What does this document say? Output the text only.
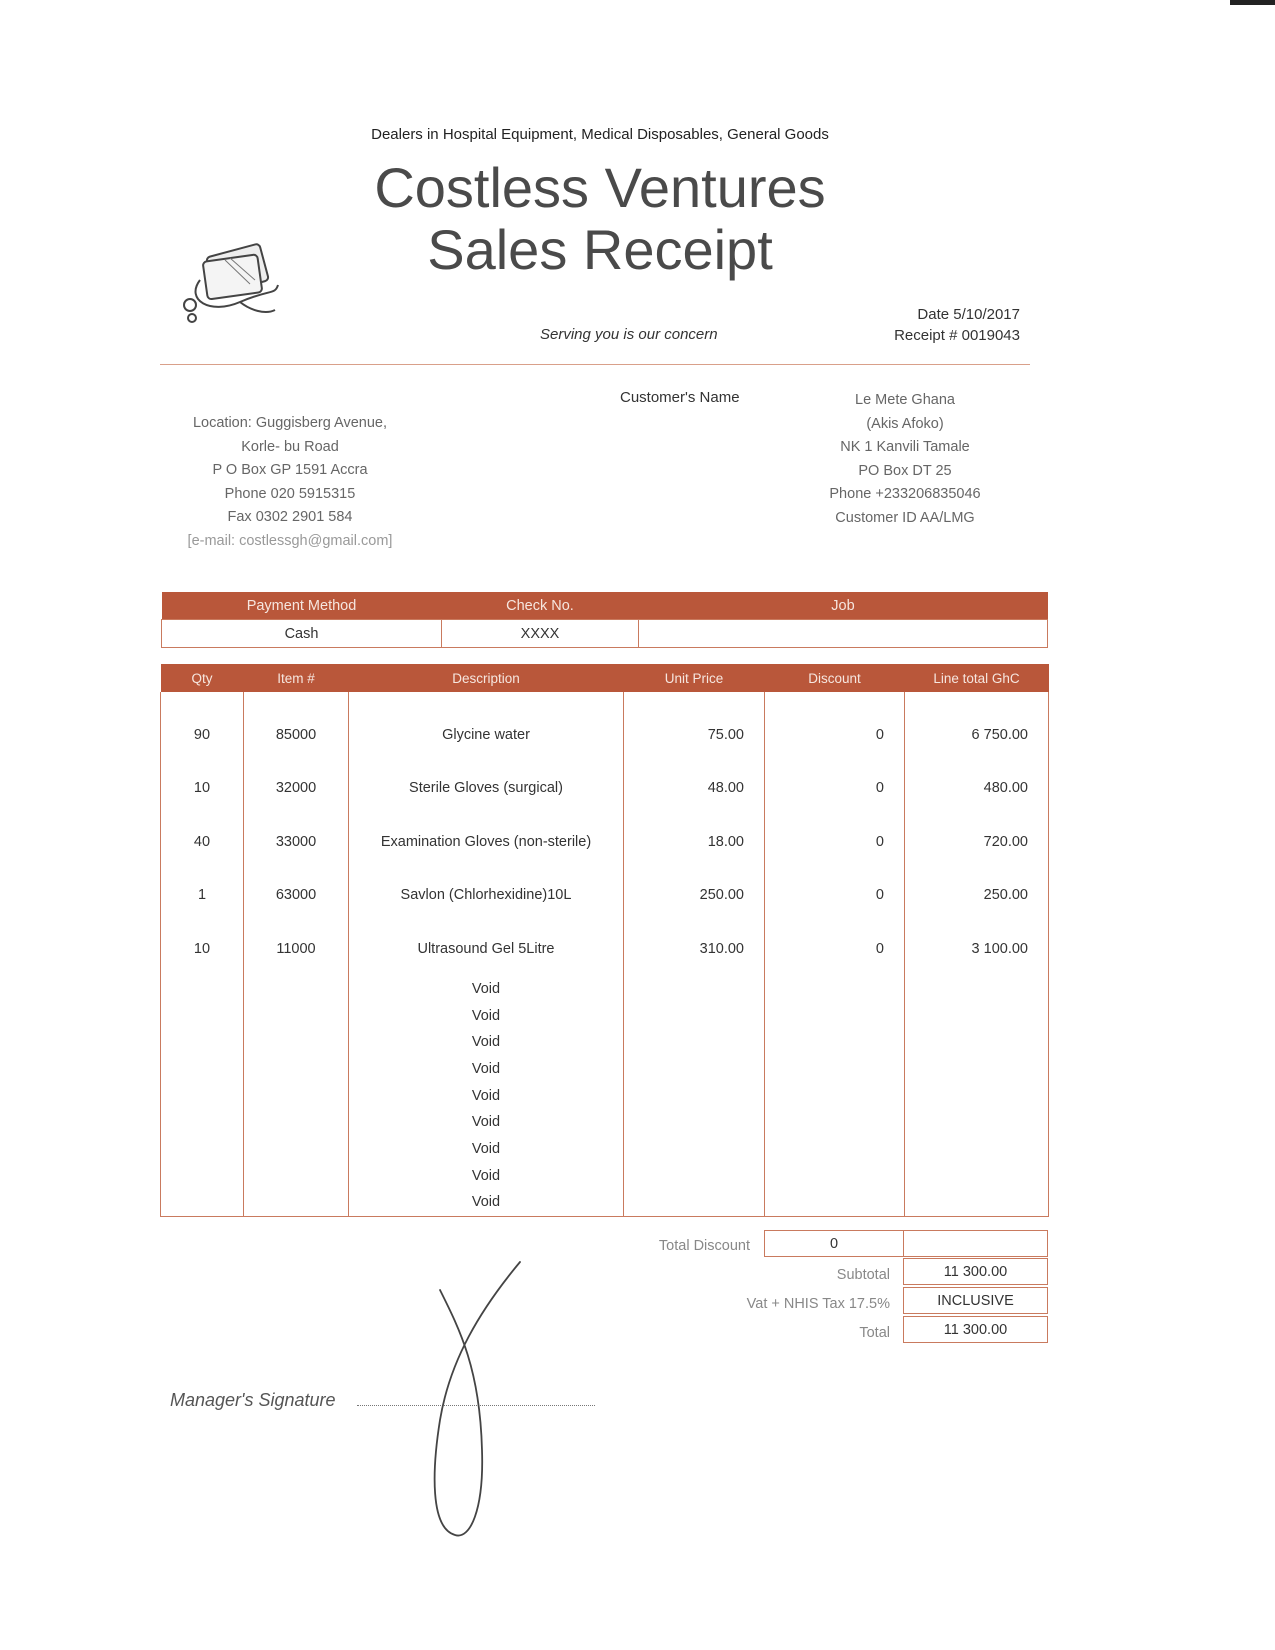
Dealers in Hospital Equipment, Medical Disposables, General Goods
Costless Ventures
Sales Receipt
Serving you is our concern
Date 5/10/2017
Receipt # 0019043
Customer's Name
Location: Guggisberg Avenue,
Korle- bu Road
P O Box GP 1591 Accra
Phone 020 5915315
Fax 0302 2901 584
[e-mail: costlessgh@gmail.com]
Le Mete Ghana
(Akis Afoko)
NK 1 Kanvili Tamale
PO Box DT 25
Phone +233206835046
Customer ID AA/LMG
Payment Method	Check No.	Job
Cash	XXXX	
Qty	Item #	Description	Unit Price	Discount	Line total GhC
90	85000	Glycine water	75.00	0	6 750.00
10	32000	Sterile Gloves (surgical)	48.00	0	480.00
40	33000	Examination Gloves (non-sterile)	18.00	0	720.00
1	63000	Savlon (Chlorhexidine)10L	250.00	0	250.00
10	11000	Ultrasound Gel 5Litre	310.00	0	3 100.00
		Void			
		Void			
		Void			
		Void			
		Void			
		Void			
		Void			
		Void			
		Void			
Total Discount	0
Subtotal	11 300.00
Vat + NHIS Tax 17.5%	INCLUSIVE
Total	11 300.00
Manager's Signature
